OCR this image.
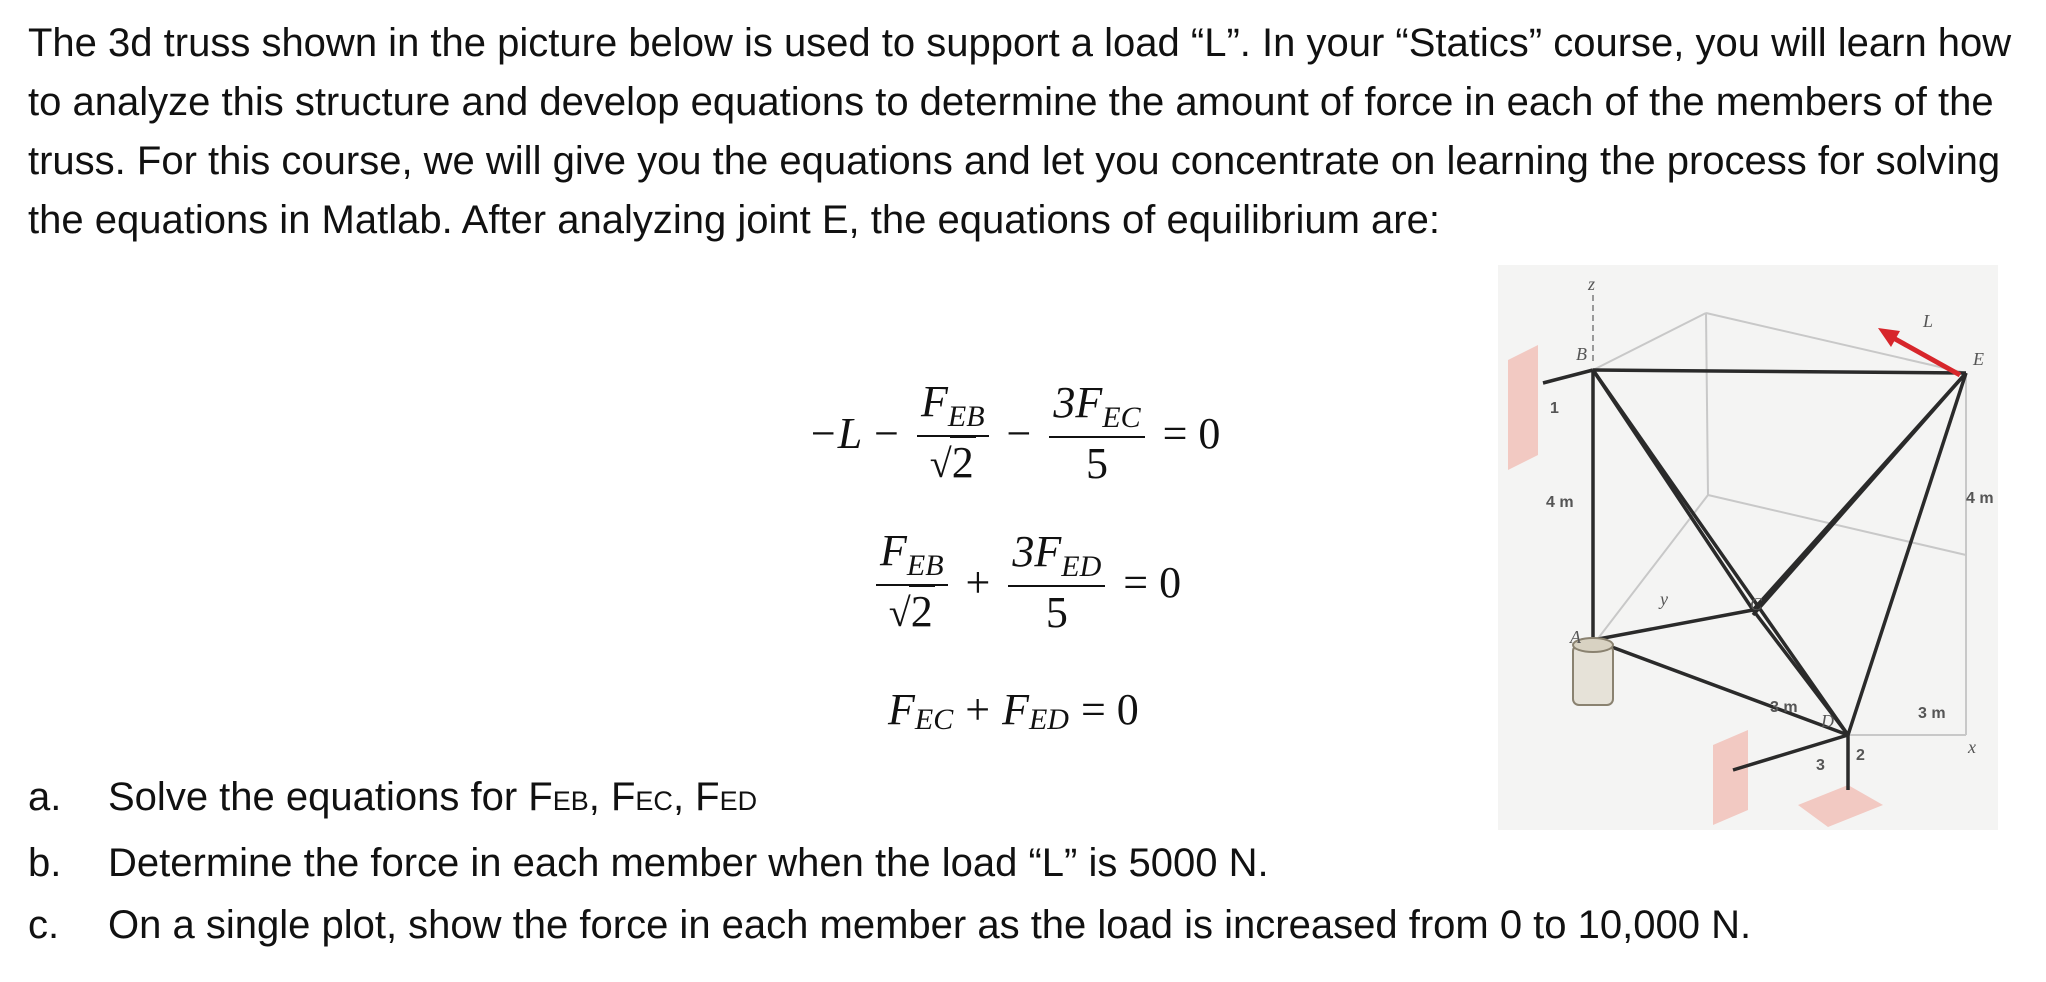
The 3d truss shown in the picture below is used to support a load “L”. In your “Statics” course, you will learn how to analyze this structure and develop equations to determine the amount of force in each of the members of the truss. For this course, we will give you the equations and let you concentrate on learning the process for solving the equations in Matlab. After analyzing joint E, the equations of equilibrium are:

$-L - \frac{F_{EB}}{√2} - \frac{3F_{EC}}{5} = 0$
$\frac{F_{EB}}{√2} + \frac{3F_{ED}}{5} = 0$
F EC + F ED = 0
z
B
L
E
C
y
A
D
x
1
4 m	4 m
3 m	3 m
3
2
a.	Solve the equations for FEB, FEC, FED
b.	Determine the force in each member when the load “L” is 5000 N.
c.	On a single plot, show the force in each member as the load is increased from 0 to 10,000 N.
